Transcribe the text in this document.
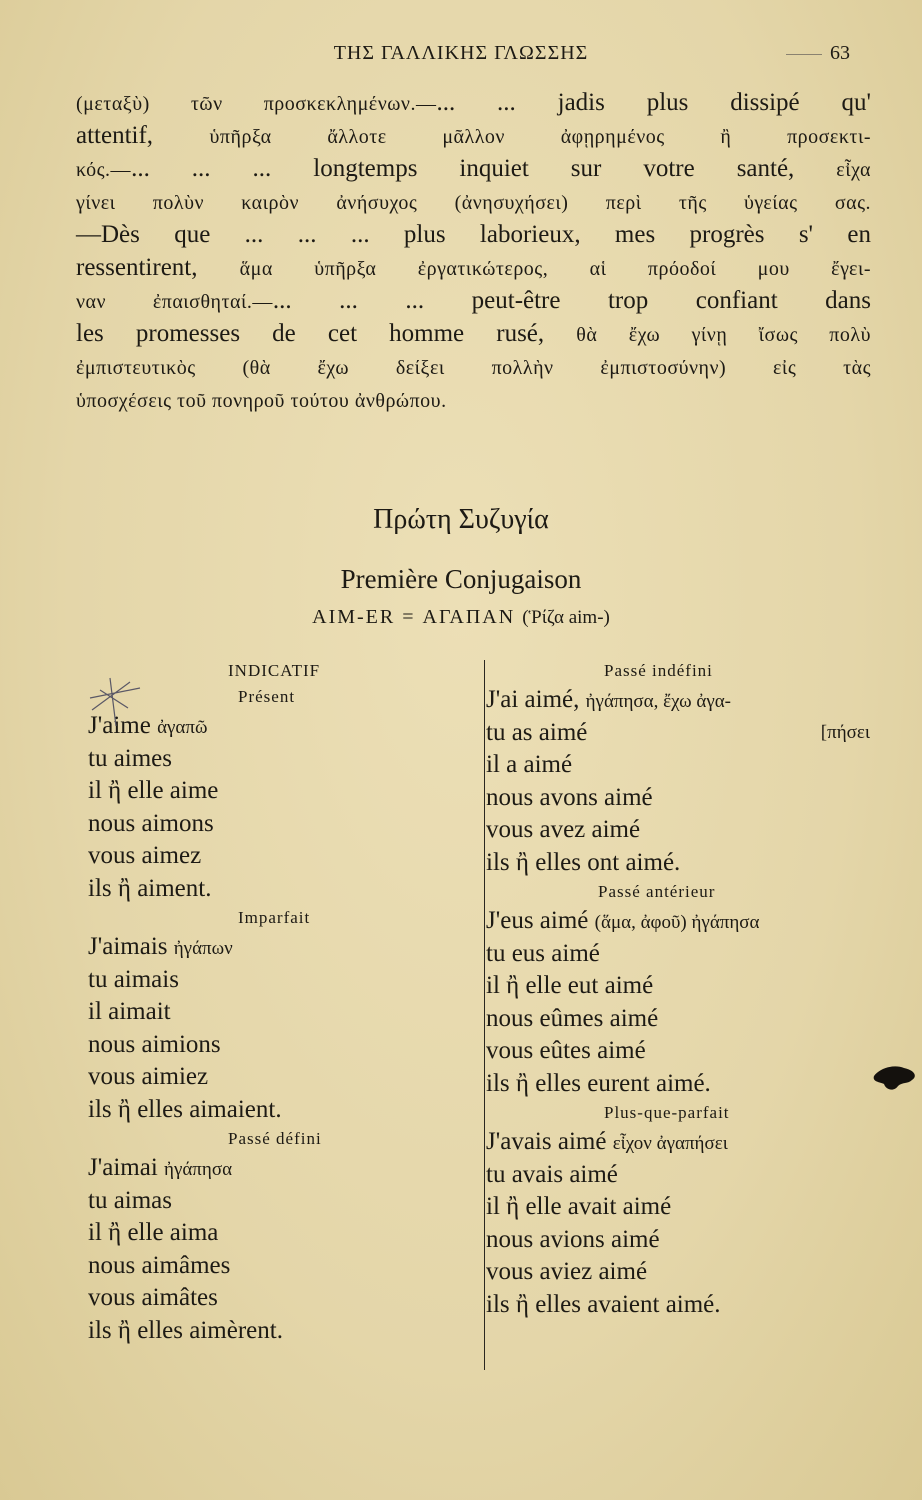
ΤΗΣ ΓΑΛΛΙΚΗΣ ΓΛΩΣΣΗΣ	63
(μεταξὺ) τῶν προσκεκλημένων.—... ... jadis plus dissipé qu'
attentif, ὑπῆρξα ἄλλοτε μᾶλλον ἀφῃρημένος ἢ προσεκτι-
κός.—... ... ... longtemps inquiet sur votre santé, εἶχα
γίνει πολὺν καιρὸν ἀνήσυχος (ἀνησυχήσει) περὶ τῆς ὑγείας σας.
—Dès que ... ... ... plus laborieux, mes progrès s' en
ressentirent, ἅμα ὑπῆρξα ἐργατικώτερος, αἱ πρόοδοί μου ἔγει-
ναν ἐπαισθηταί.—... ... ... peut-être trop confiant dans
les promesses de cet homme rusé, θὰ ἔχω γίνῃ ἴσως πολὺ
ἐμπιστευτικὸς (θὰ ἔχω δείξει πολλὴν ἐμπιστοσύνην) εἰς τὰς
ὑποσχέσεις τοῦ πονηροῦ τούτου ἀνθρώπου.
Πρώτη Συζυγία
Première Conjugaison
AIM-ER = ΑΓΑΠΑΝ (Ῥίζα aim-)
INDICATIF
Présent
J'aime ἀγαπῶ
tu aimes
il ἢ elle aime
nous aimons
vous aimez
ils ἢ aiment.
Imparfait
J'aimais ἠγάπων
tu aimais
il aimait
nous aimions
vous aimiez
ils ἢ elles aimaient.
Passé défini
J'aimai ἠγάπησα
tu aimas
il ἢ elle aima
nous aimâmes
vous aimâtes
ils ἢ elles aimèrent.
Passé indéfini
J'ai aimé, ἠγάπησα, ἔχω ἀγα-
tu as aimé	[πήσει
il a aimé
nous avons aimé
vous avez aimé
ils ἢ elles ont aimé.
Passé antérieur
J'eus aimé (ἅμα, ἀφοῦ) ἠγάπησα
tu eus aimé
il ἢ elle eut aimé
nous eûmes aimé
vous eûtes aimé
ils ἢ elles eurent aimé.
Plus-que-parfait
J'avais aimé εἶχον ἀγαπήσει
tu avais aimé
il ἢ elle avait aimé
nous avions aimé
vous aviez aimé
ils ἢ elles avaient aimé.
